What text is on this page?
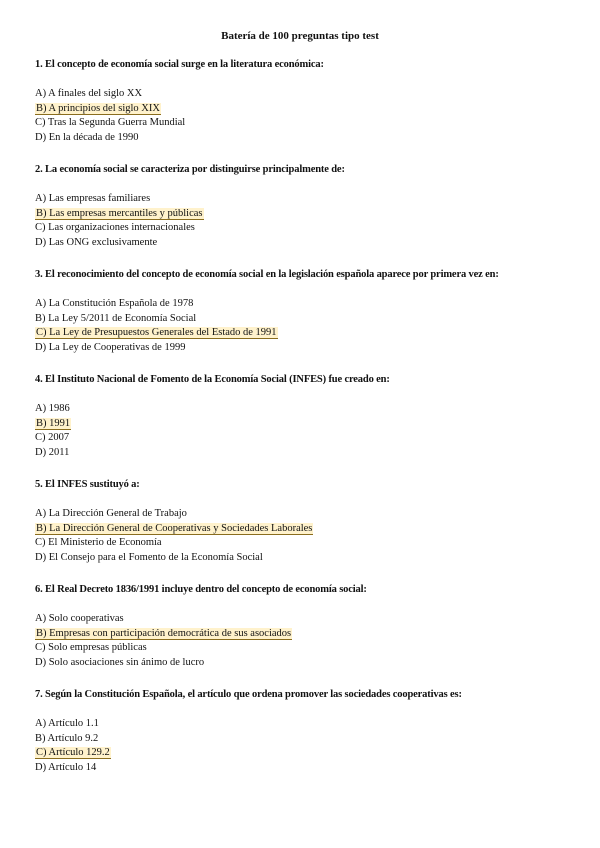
Batería de 100 preguntas tipo test
1. El concepto de economía social surge en la literatura económica:
A) A finales del siglo XX
B) A principios del siglo XIX
C) Tras la Segunda Guerra Mundial
D) En la década de 1990
2. La economía social se caracteriza por distinguirse principalmente de:
A) Las empresas familiares
B) Las empresas mercantiles y públicas
C) Las organizaciones internacionales
D) Las ONG exclusivamente
3. El reconocimiento del concepto de economía social en la legislación española aparece por primera vez en:
A) La Constitución Española de 1978
B) La Ley 5/2011 de Economía Social
C) La Ley de Presupuestos Generales del Estado de 1991
D) La Ley de Cooperativas de 1999
4. El Instituto Nacional de Fomento de la Economía Social (INFES) fue creado en:
A) 1986
B) 1991
C) 2007
D) 2011
5. El INFES sustituyó a:
A) La Dirección General de Trabajo
B) La Dirección General de Cooperativas y Sociedades Laborales
C) El Ministerio de Economía
D) El Consejo para el Fomento de la Economía Social
6. El Real Decreto 1836/1991 incluye dentro del concepto de economía social:
A) Solo cooperativas
B) Empresas con participación democrática de sus asociados
C) Solo empresas públicas
D) Solo asociaciones sin ánimo de lucro
7. Según la Constitución Española, el artículo que ordena promover las sociedades cooperativas es:
A) Artículo 1.1
B) Artículo 9.2
C) Artículo 129.2
D) Artículo 14
